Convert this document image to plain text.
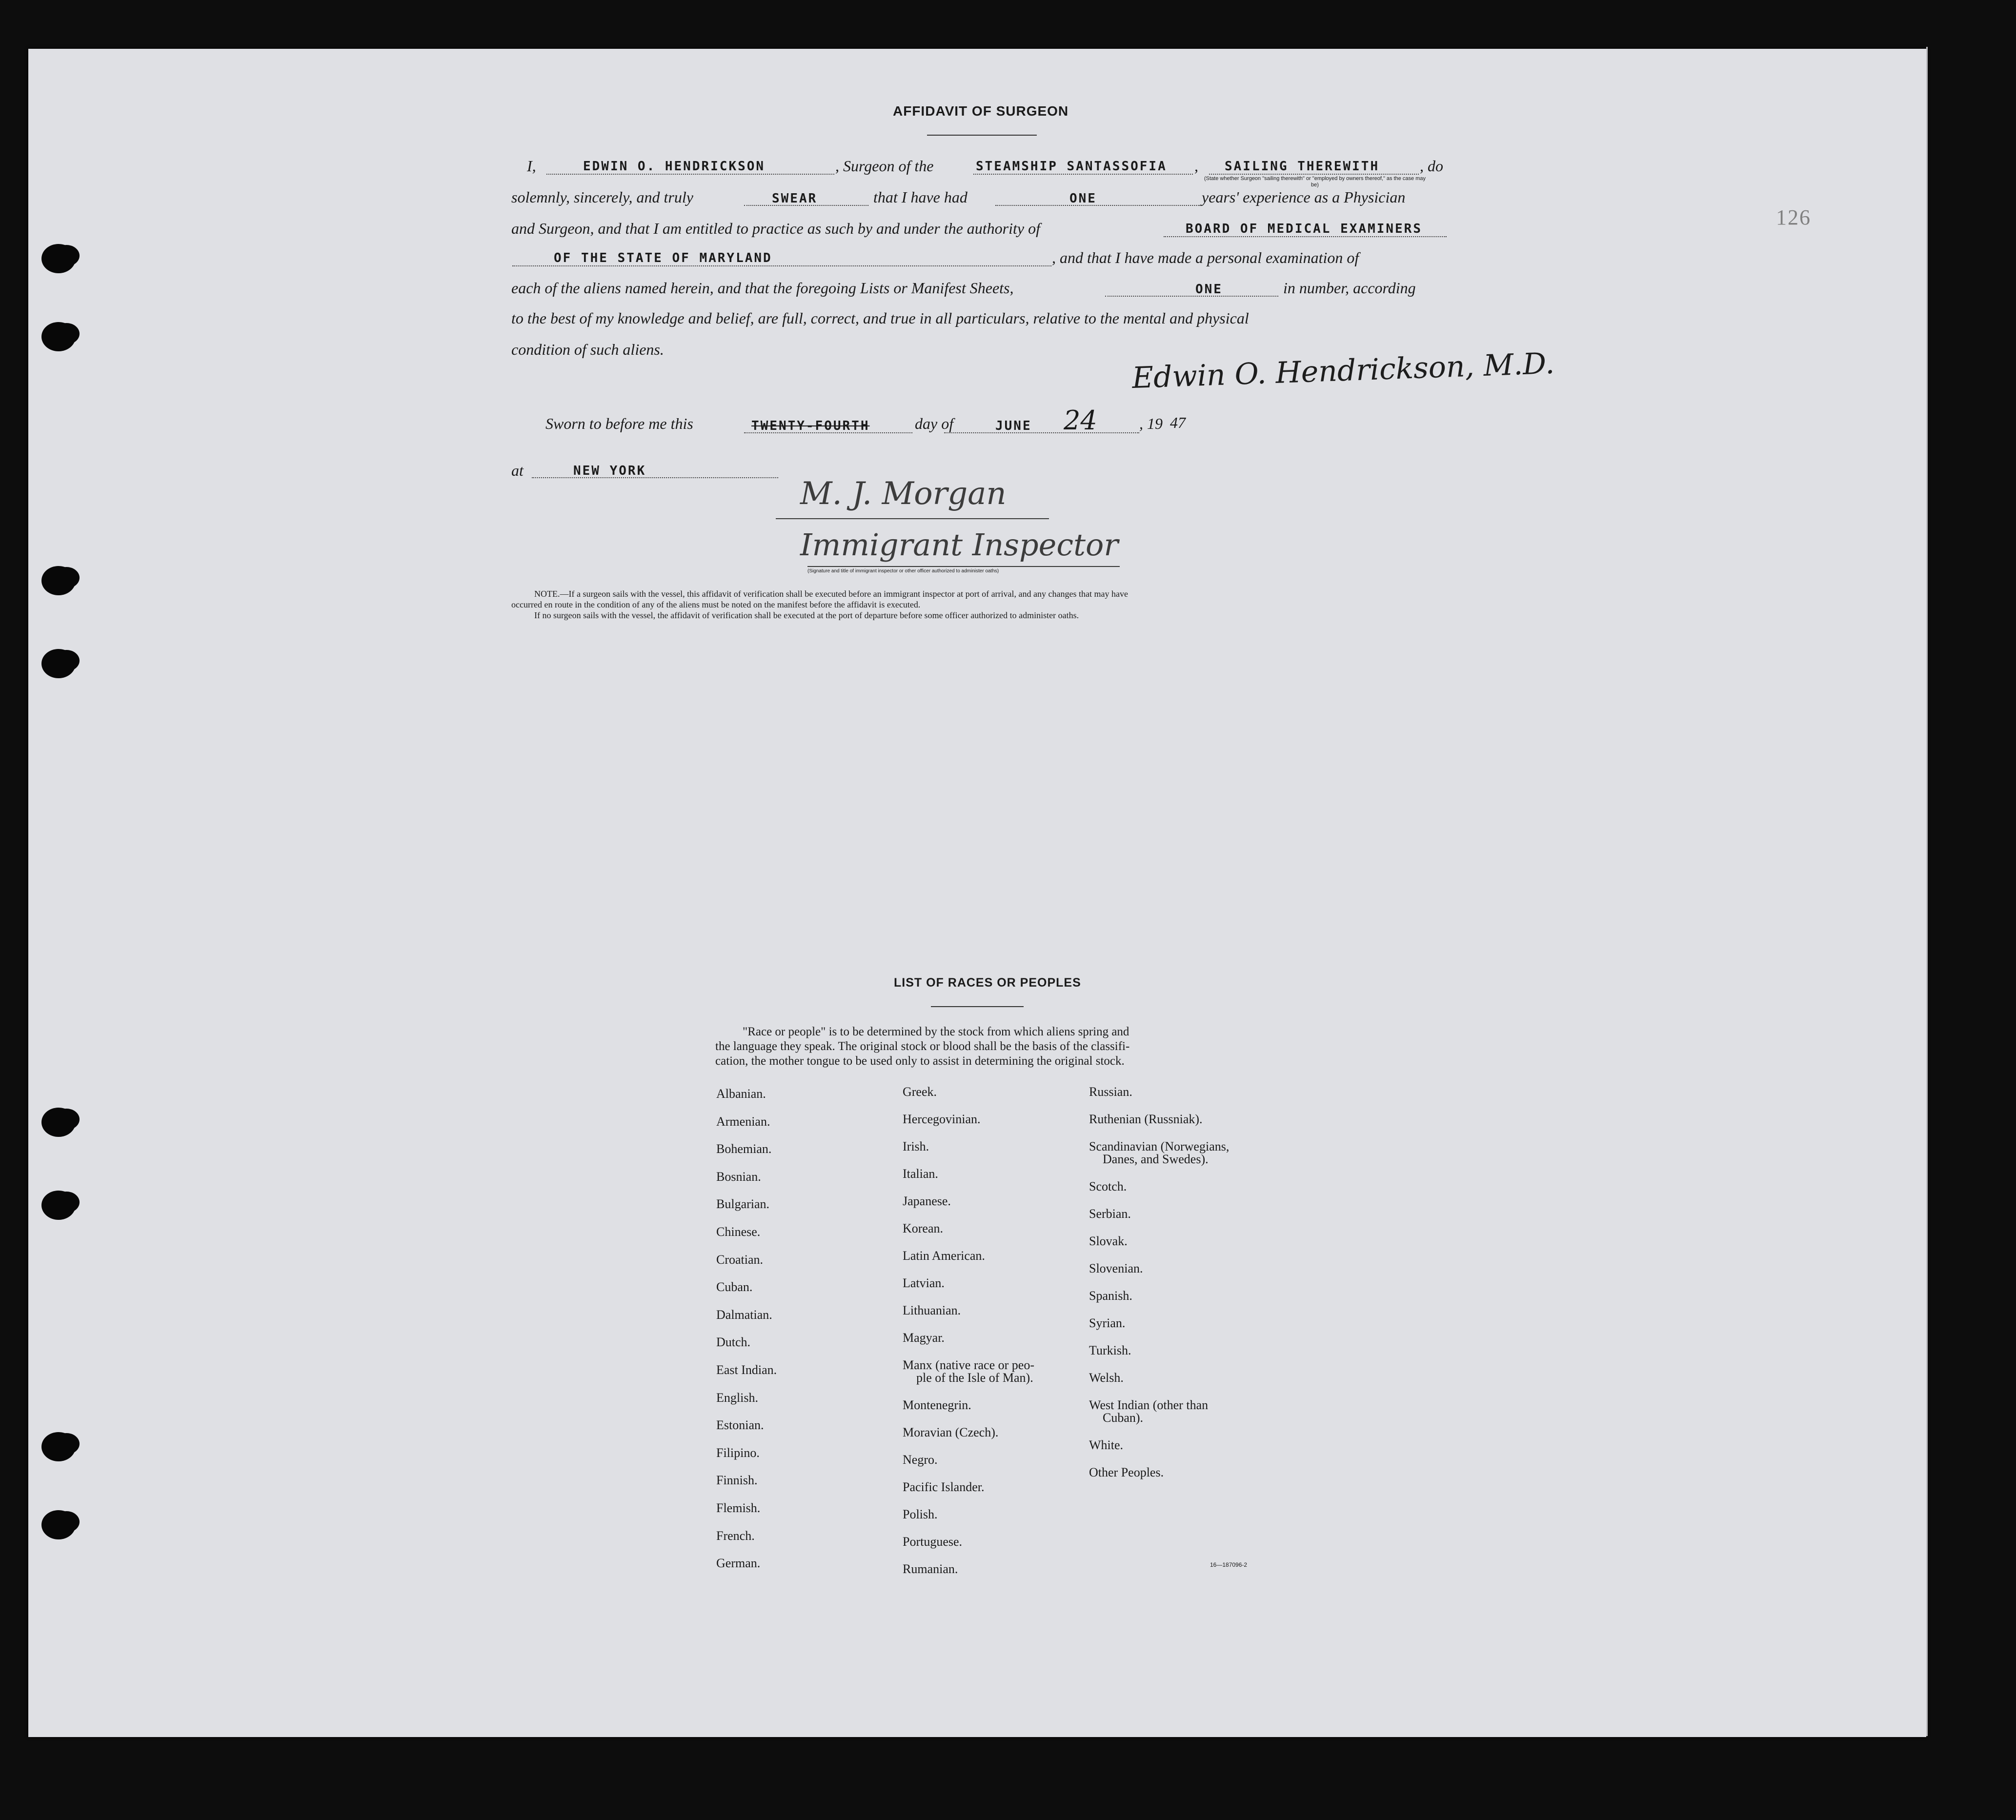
126
AFFIDAVIT OF SURGEON
I,	EDWIN O. HENDRICKSON	, Surgeon of the	STEAMSHIP SANTASSOFIA , SAILING THEREWITH	, do
(State whether Surgeon "sailing therewith" or "employed by owners thereof," as the case may be)
solemnly, sincerely, and truly	SWEAR	that I have had	ONE	years' experience as a Physician
and Surgeon, and that I am entitled to practice as such by and under the authority of	BOARD OF MEDICAL EXAMINERS
OF THE STATE OF MARYLAND	, and that I have made a personal examination of
each of the aliens named herein, and that the foregoing Lists or Manifest Sheets,	ONE	in number, according
to the best of my knowledge and belief, are full, correct, and true in all particulars, relative to the mental and physical
condition of such aliens.	Edwin O. Hendrickson, M.D.
Sworn to before me this	TWENTY-FOURTH	day of	JUNE 24	, 19 47
at	NEW YORK
M. J. Morgan
Immigrant Inspector
(Signature and title of immigrant inspector or other officer authorized to administer oaths)
NOTE.—If a surgeon sails with the vessel, this affidavit of verification shall be executed before an immigrant inspector at port of arrival, and any changes that may have
occurred en route in the condition of any of the aliens must be noted on the manifest before the affidavit is executed.
If no surgeon sails with the vessel, the affidavit of verification shall be executed at the port of departure before some officer authorized to administer oaths.
LIST OF RACES OR PEOPLES
"Race or people" is to be determined by the stock from which aliens spring and
the language they speak. The original stock or blood shall be the basis of the classifi-
cation, the mother tongue to be used only to assist in determining the original stock.
Albanian.
Armenian.
Bohemian.
Bosnian.
Bulgarian.
Chinese.
Croatian.
Cuban.
Dalmatian.
Dutch.
East Indian.
English.
Estonian.
Filipino.
Finnish.
Flemish.
French.
German.
Greek.
Hercegovinian.
Irish.
Italian.
Japanese.
Korean.
Latin American.
Latvian.
Lithuanian.
Magyar.
Manx (native race or peo-
ple of the Isle of Man).
Montenegrin.
Moravian (Czech).
Negro.
Pacific Islander.
Polish.
Portuguese.
Rumanian.
Russian.
Ruthenian (Russniak).
Scandinavian (Norwegians,
Danes, and Swedes).
Scotch.
Serbian.
Slovak.
Slovenian.
Spanish.
Syrian.
Turkish.
Welsh.
West Indian (other than
Cuban).
White.
Other Peoples.
16—187096-2
